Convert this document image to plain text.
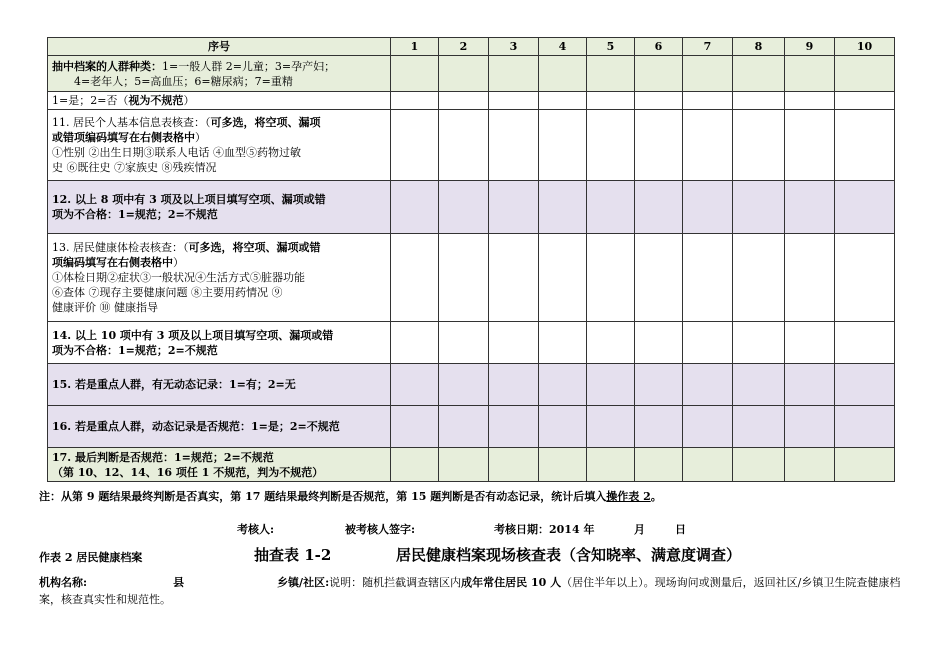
序号	1	2	3	4	5	6	7	8	9	10

抽中档案的人群种类：1=一般人群 2=儿童；3=孕产妇；
　　4=老年人；5=高血压；6=糖尿病；7=重精										

1=是；2=否（视为不规范）										

11. 居民个人基本信息表核查：（可多选，将空项、漏项
或错项编码填写在右侧表格中）
①性别 ②出生日期③联系人电话 ④血型⑤药物过敏
史 ⑥既往史 ⑦家族史 ⑧残疾情况										

12. 以上 8 项中有 3 项及以上项目填写空项、漏项或错
项为不合格：1=规范；2=不规范										

13. 居民健康体检表核查：（可多选，将空项、漏项或错
项编码填写在右侧表格中）
①体检日期②症状③一般状况④生活方式⑤脏器功能
⑥查体 ⑦现存主要健康问题 ⑧主要用药情况 ⑨
健康评价 ⑩ 健康指导										

14. 以上 10 项中有 3 项及以上项目填写空项、漏项或错
项为不合格：1=规范；2=不规范										

15. 若是重点人群，有无动态记录：1=有；2=无										

16. 若是重点人群，动态记录是否规范：1=是；2=不规范										

17. 最后判断是否规范：1=规范；2=不规范
（第 10、12、14、16 项任 1 不规范，判为不规范）										

注：从第 9 题结果最终判断是否真实，第 17 题结果最终判断是否规范，第 15 题判断是否有动态记录，统计后填入操作表 2。
考核人:	被考核人签字:	考核日期：2014 年	月	日
作表 2 居民健康档案	抽查表 1-2	居民健康档案现场核查表（含知晓率、满意度调查）
机构名称:	县	乡镇/社区:说明：随机拦截调查辖区内成年常住居民 10 人（居住半年以上）。现场询问或测量后，返回社区/乡镇卫生院查健康档案，核查真实性和规范性。
